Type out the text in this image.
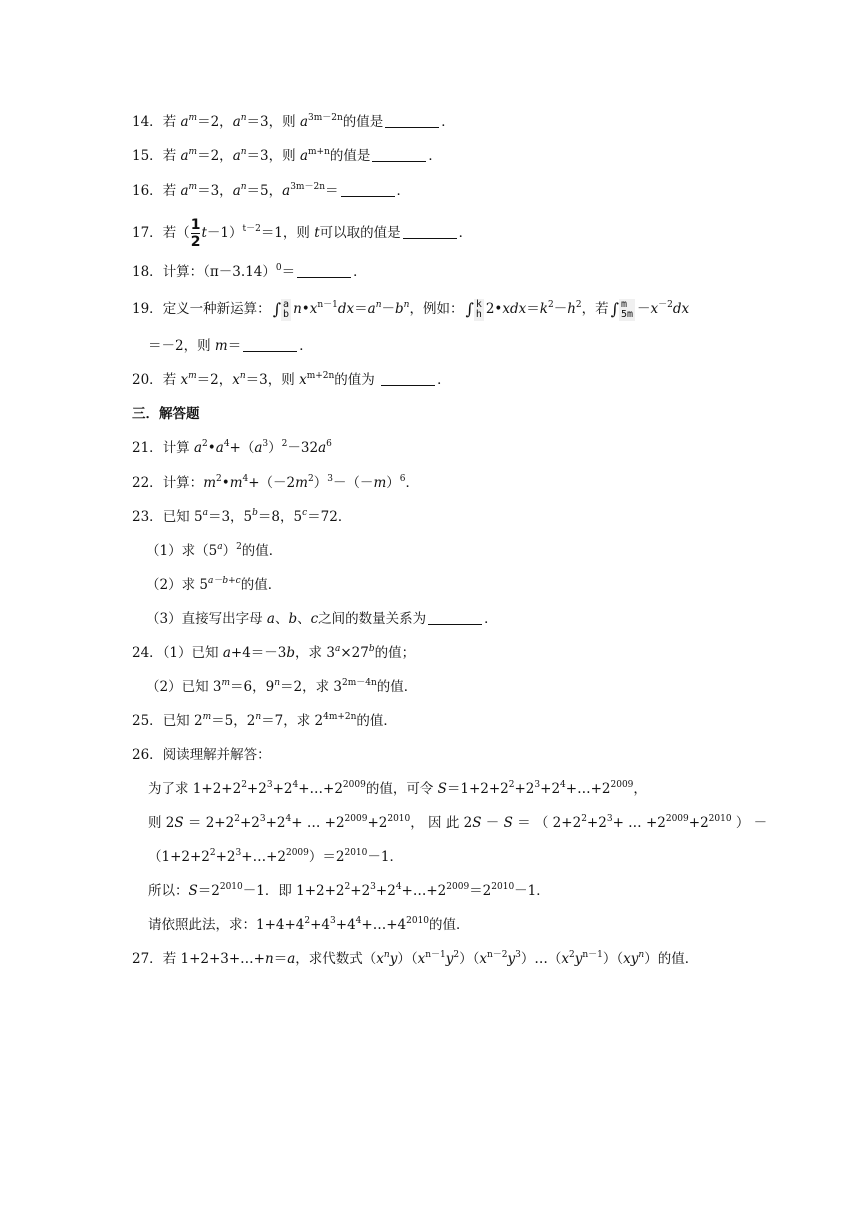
14．若 $a^m=2$，$a^n=3$，则 $a^{3m-2n}$的值是	．
15．若 $a^m=2$，$a^n=3$，则 $a^{m+n}$的值是	．
16．若 $a^m=3$，$a^n=5$，$a^{3m-2n}=$	．
17．若（ $\frac{1}{2} t-1)^{t-2}=1$，则 t可以取的值是	．
18．计算：$(\pi-3.14)^0=$	．
19．定义一种新运算： ∫ a
b $n•x^{n-1}dx=a^n-b^n$，例如： ∫ k
h $2•xdx=k^2-h^2$，若 ∫ m
$5m -x^{-2}dx$
＝－2，则 m＝	．
20．若 $x^m=2$，$x^n=3$，则 $x^{m+2n}$的值为	．
三．解答题
21．计算 $a^2•a^4+(a^3)^2-32a^6$
22．计算：$m^2•m^4+(-2m^2)^3-(-m)^6$．
23．已知 $5^a=3$，$5^b=8$，$5^c=72$．
（1）求$(5^a)^2$的值．
（2）求 $5^{a-b+c}$的值．
（3）直接写出字母 a、b、c之间的数量关系为	．
24．（1）已知 a+4＝－3b，求 $3^a\times 27^b$的值；
（2）已知 $3^m=6$，$9^n=2$，求 $3^{2m-4n}$的值．
25．已知 $2^m=5$，$2^n=7$，求 $2^{4m+2n}$的值．
26．阅读理解并解答：
为了求 $1+2+2^2+2^3+2^4+\dots+2^{2009}$的值，可令 $S=1+2+2^2+2^3+2^4+\dots+2^{2009}$，
则 $2S = 2+2^2+2^3+2^4+$ … $+2^{2009}+2^{2010}$， 因 此 2S － S ＝ （ $2+2^2+2^3+$ … $+2^{2009}+2^{2010}$ ） －
$(1+2+2^2+2^3+\dots+2^{2009})=2^{2010}-1$．
所以：$S=2^{2010}-1$．即 $1+2+2^2+2^3+2^4+\dots+2^{2009}=2^{2010}-1$．
请依照此法，求：$1+4+4^2+4^3+4^4+\dots+4^{2010}$的值．
27．若 1+2+3+…+n＝a，求代数式$(x^ny)(x^{n-1}y^2)(x^{n-2}y^3)\dots(x^2y^{n-1})(xy^n)$的值．
